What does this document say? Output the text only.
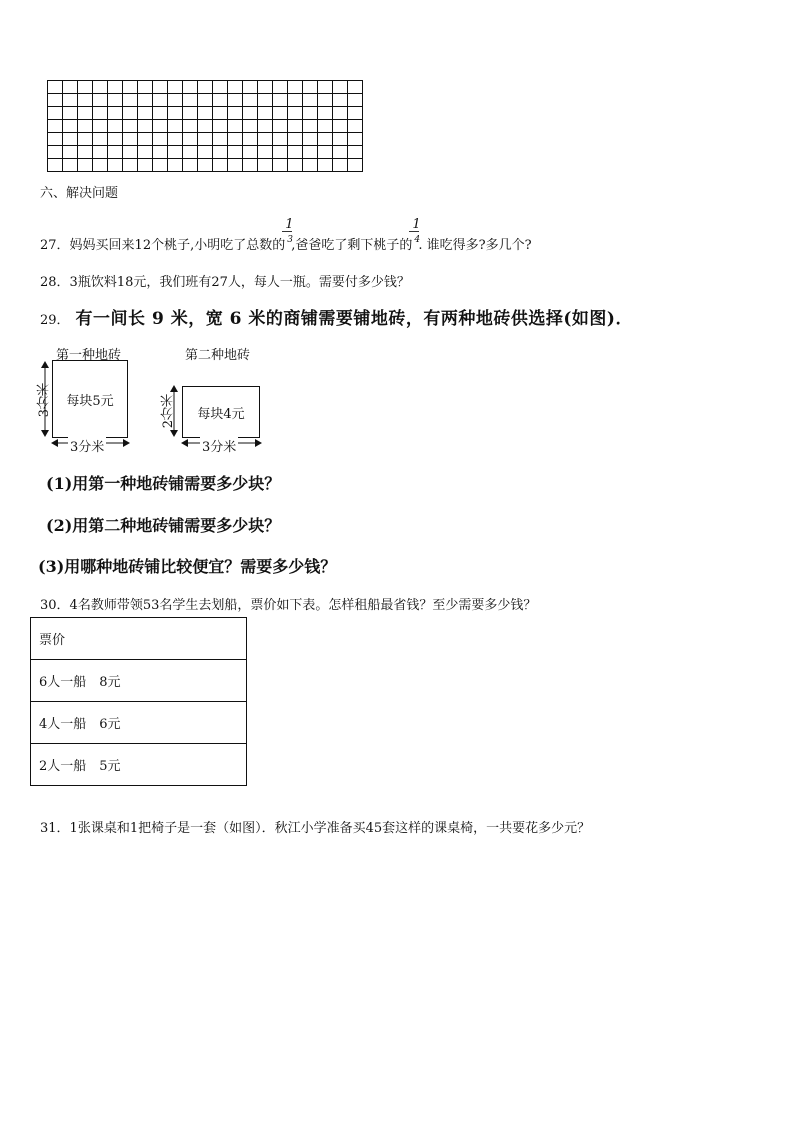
六、解决问题
27．妈妈买回来12个桃子,小明吃了总数的 $\frac{1}{3}$ ,爸爸吃了剩下桃子的 $\frac{1}{4}$ . 谁吃得多?多几个?
28．3瓶饮料18元，我们班有27人，每人一瓶。需要付多少钱？
29． 有一间长 9 米，宽 6 米的商铺需要铺地砖，有两种地砖供选择(如图)．
第一种地砖
3分米 每块5元
3分米
第二种地砖
2分米 每块4元
3分米
(1)用第一种地砖铺需要多少块？
(2)用第二种地砖铺需要多少块？
(3)用哪种地砖铺比较便宜？需要多少钱？
30．4名教师带领53名学生去划船，票价如下表。怎样租船最省钱？至少需要多少钱？
票价
6人一船　8元
4人一船　6元
2人一船　5元
31．1张课桌和1把椅子是一套（如图）．秋江小学准备买45套这样的课桌椅，一共要花多少元？
